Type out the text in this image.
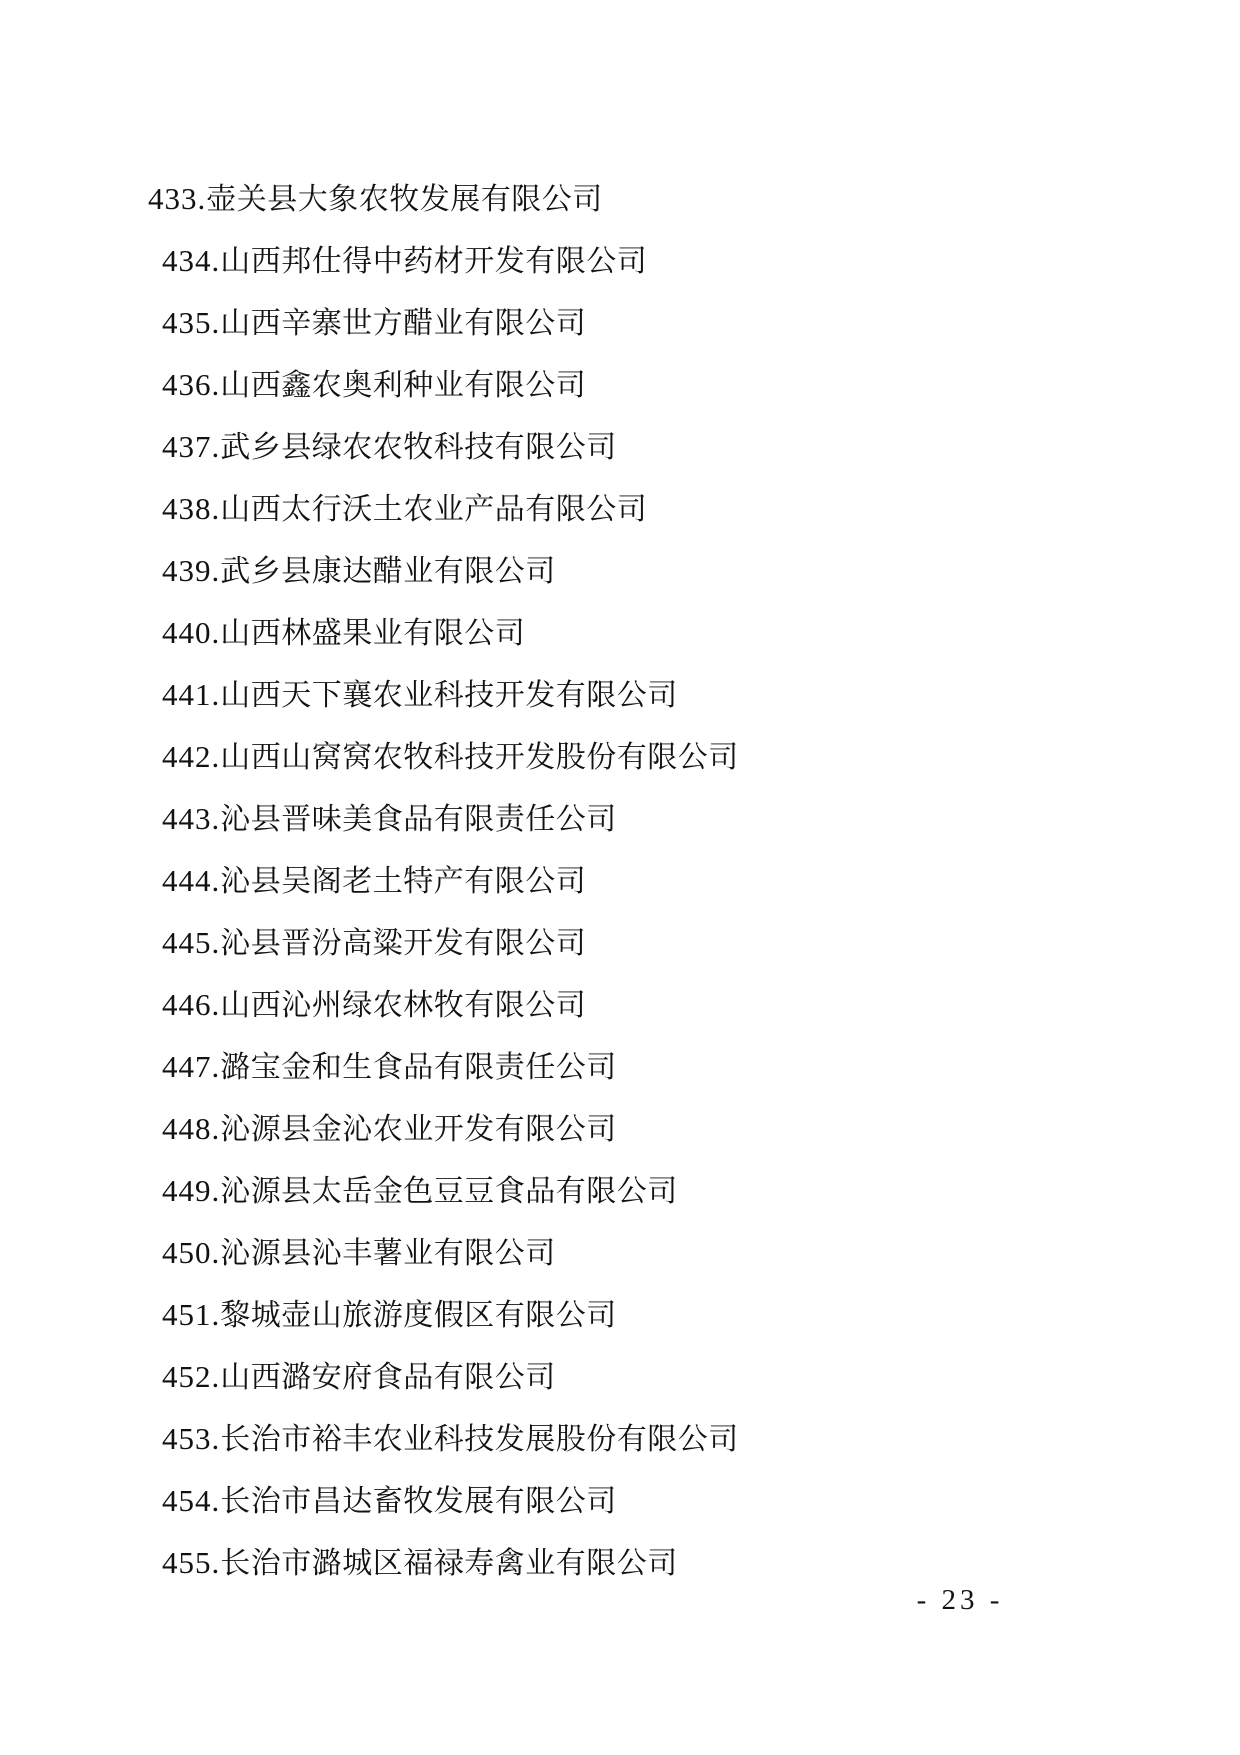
433.壶关县大象农牧发展有限公司
434.山西邦仕得中药材开发有限公司
435.山西辛寨世方醋业有限公司
436.山西鑫农奥利种业有限公司
437.武乡县绿农农牧科技有限公司
438.山西太行沃土农业产品有限公司
439.武乡县康达醋业有限公司
440.山西林盛果业有限公司
441.山西天下襄农业科技开发有限公司
442.山西山窝窝农牧科技开发股份有限公司
443.沁县晋味美食品有限责任公司
444.沁县吴阁老土特产有限公司
445.沁县晋汾高粱开发有限公司
446.山西沁州绿农林牧有限公司
447.潞宝金和生食品有限责任公司
448.沁源县金沁农业开发有限公司
449.沁源县太岳金色豆豆食品有限公司
450.沁源县沁丰薯业有限公司
451.黎城壶山旅游度假区有限公司
452.山西潞安府食品有限公司
453.长治市裕丰农业科技发展股份有限公司
454.长治市昌达畜牧发展有限公司
455.长治市潞城区福禄寿禽业有限公司
- 23 -
